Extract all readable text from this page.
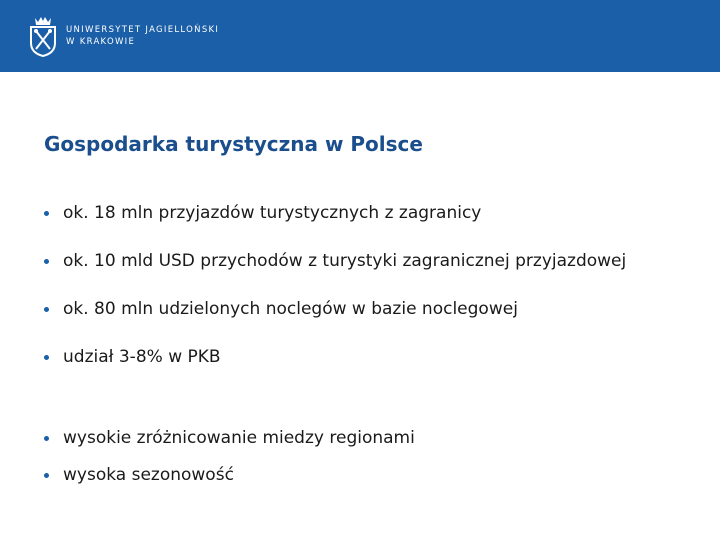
UNIWERSYTET JAGIELLOŃSKI
W KRAKOWIE
Gospodarka turystyczna w Polsce
ok. 18 mln przyjazdów turystycznych z zagranicy
ok. 10 mld USD przychodów z turystyki zagranicznej przyjazdowej
ok. 80 mln udzielonych noclegów w bazie noclegowej
udział 3-8% w PKB
wysokie zróżnicowanie miedzy regionami
wysoka sezonowość
